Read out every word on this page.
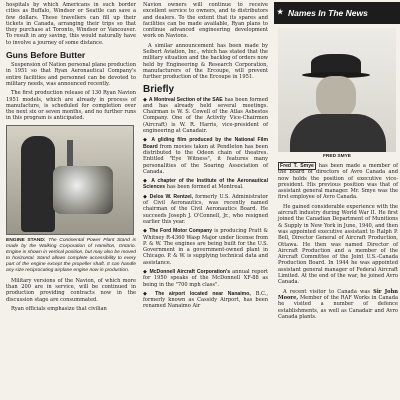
hospitals by which Americans in such border cities as Buffalo, Windsor or Seattle can save a few dollars. These travellers can fill up their tickets in Canada, arranging their trips so that they purchase at Toronto, Windsor or Vancouver. To result in any saving, this would naturally have to involve a journey of some distance.

Guns Before Butter

Suspension of Nation personal plane production in 1951 so that Ryan Aeronautical Company's entire facilities and personnel can be devoted to military needs, was announced recently.

The first production release of 130 Ryan Navion 1951 models, which are already in process of manufacture, is scheduled for completion over the next six or seven months, and no further runs in this program is anticipated.

ENGINE STAND: The Continental Power Plant Stand is made by the Walking Corporation of Hamilton, Ontario. Engine is shown in vertical position, but may also be moved to horizontal. Stand allows complete accessibility to every part of the engine except the propeller shaft. It can handle any size reciprocating airplane engine now in production.

Military versions of the Navion, of which more than 200 are in service, will be continued in production providing contracts now in the discussion stage are consummated.

Ryan officials emphasize that civilian

Navion owners will continue to receive excellent service to owners, and to distributors and dealers. To the extent that its spares and facilities can be made available, Ryan plans to continue advanced engineering development work on Navions.

A similar announcement has been made by Seibert Aviation, Inc., which has stated that the military situation and the backlog of orders now held by Engineering & Research Corporation, manufacturers of the Ercoupe, will prevent further production of the Ercoupe in 1951.

Briefly

◆ A Montreal Section of the SAE has been formed and has already held several meetings. Chairman is W. S. Cowell of the Atlas Asbestos Company. One of the Activity Vice-Chairmen (Aircraft) is W. R. Harris, vice-president of engineering at Canadair.

◆ A gliding film produced by the National Film Board from movies taken at Pendleton has been distributed to the Odeon chain of theatres. Entitled "Eye Witness", it features many personalities of the Soaring Association of Canada.

◆ A chapter of the Institute of the Aeronautical Sciences has been formed at Montreal.

◆ Delos W. Rentzel, formerly U.S. Administrator of Civil Aeronautics, was recently named chairman of the Civil Aeronautics Board. He succeeds Joseph J. O'Connell, Jr., who resigned earlier this year.

◆ The Ford Motor Company is producing Pratt & Whitney R-4360 Wasp Major under license from P. & W. The engines are being built for the U.S. Government in a government-owned plant in Chicago. P. & W. is supplying technical data and assistance.

◆ McDonnell Aircraft Corporation's annual report for 1950 speaks of the McDonnell XF-88 as being in the "700 mph class".

◆ The airport located near Nanaimo, B.C., formerly known as Cassidy Airport, has been renamed Nanaimo Air

★ Names In The News
FRED SMYE

Fred T. Smye has been made a member of the board of directors of Avro Canada and now holds the position of executive vice-president. His previous position was that of assistant general manager. Mr. Smye was the first employee of Avro Canada.

He gained considerable experience with the aircraft industry during World War II. He first joined the Canadian Department of Munitions & Supply in New York in June, 1940, and then was appointed executive assistant to Ralph P. Bell, Director General of Aircraft Production, Ottawa. He then was named Director of Aircraft Production and a member of the Aircraft Committee of the Joint U.S.-Canada Production Board. In 1944 he was appointed assistant general manager of Federal Aircraft Limited. At the end of the war, he joined Avro Canada.

A recent visitor to Canada was Sir John Moore, Member of the RAF Works in Canada he visited a number of defence establishments, as well as Canadair and Avro Canada plants.
